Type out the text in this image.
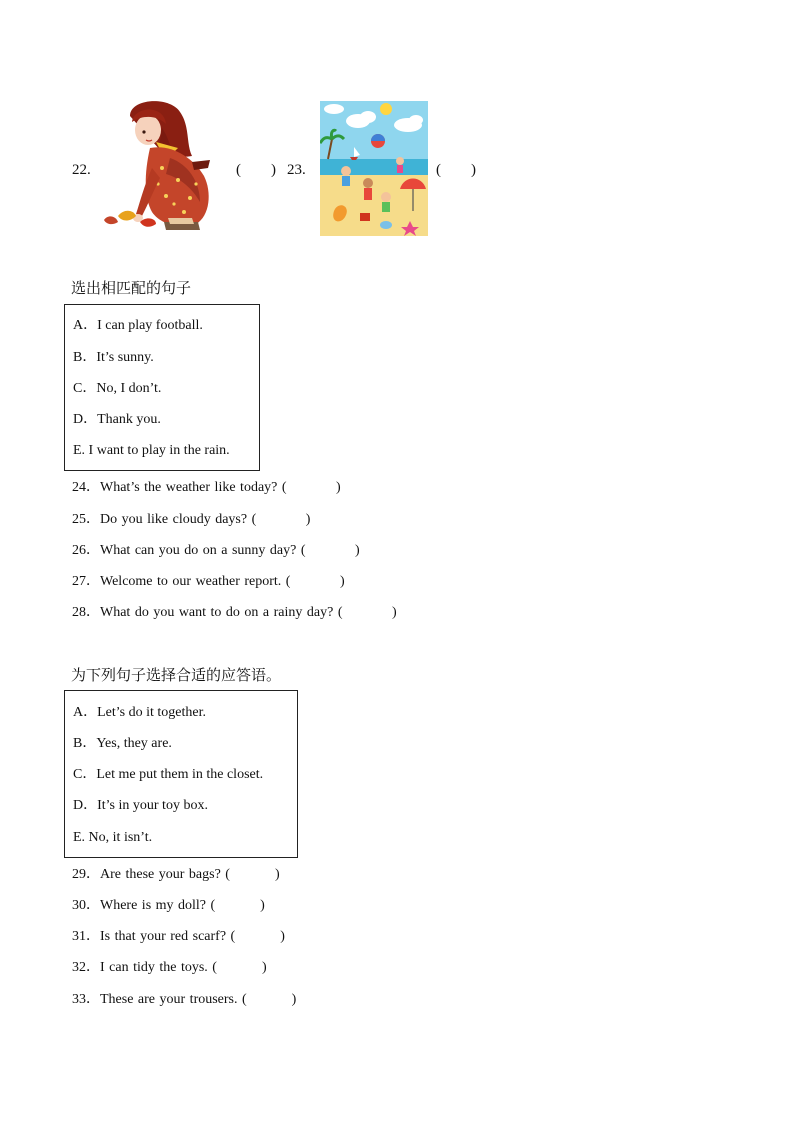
22.	(        ) 23.	(        )
选出相匹配的句子
A．I can play football.
B．It’s sunny.
C．No, I don’t.
D．Thank you.
E. I want to play in the rain.
24．What’s the weather like today? (           )
25．Do you like cloudy days? (           )
26．What can you do on a sunny day? (           )
27．Welcome to our weather report. (           )
28．What do you want to do on a rainy day? (           )
为下列句子选择合适的应答语。
A．Let’s do it together.
B．Yes, they are.
C．Let me put them in the closet.
D．It’s in your toy box.
E. No, it isn’t.
29．Are these your bags? (          )
30．Where is my doll? (          )
31．Is that your red scarf? (          )
32．I can tidy the toys. (          )
33．These are your trousers. (          )
